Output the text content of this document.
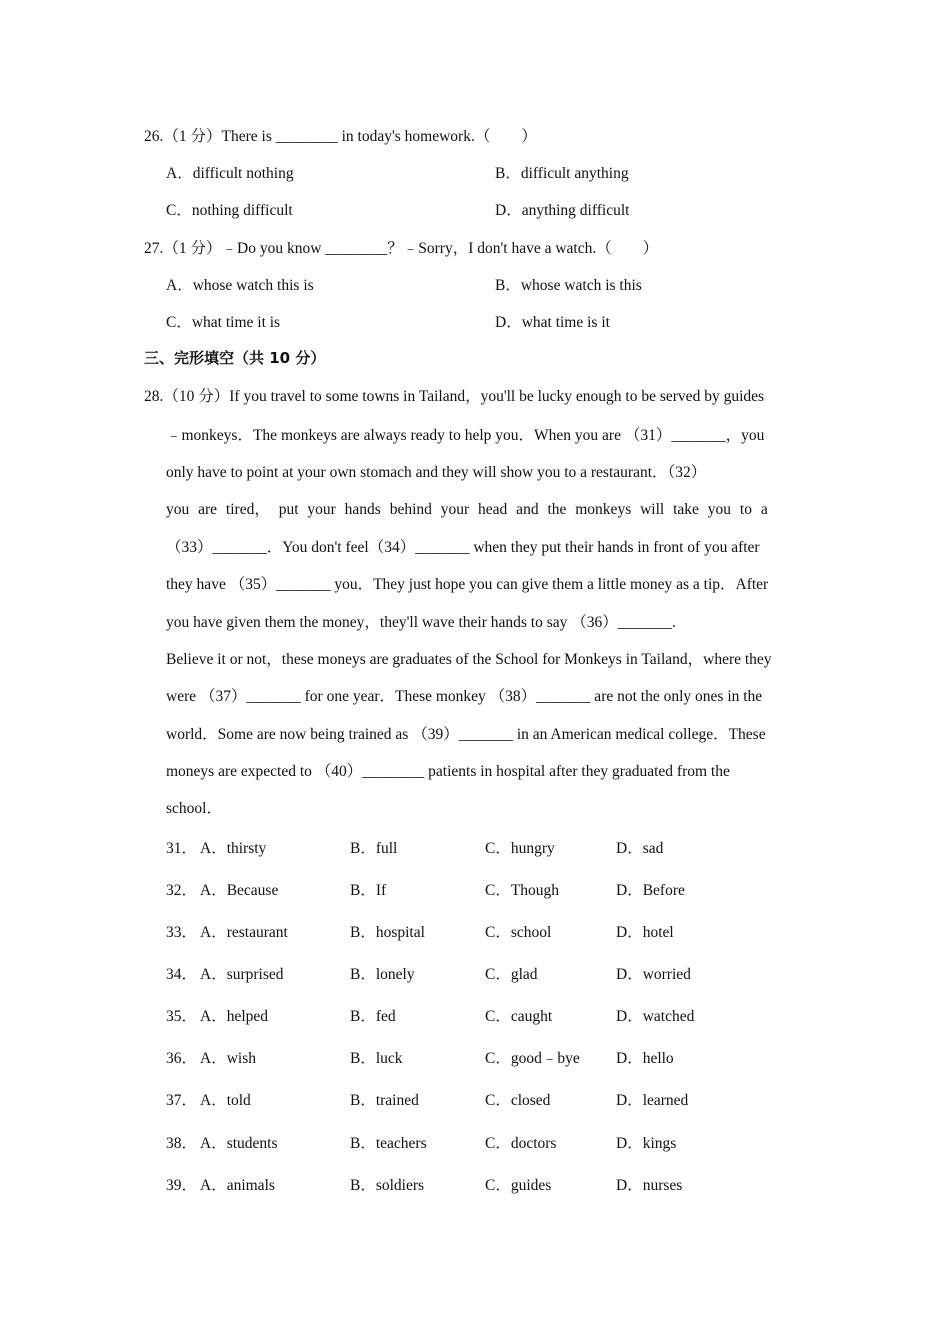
26.（1 分）There is ________ in today's homework.（　　）
A．difficult nothing	B．difficult anything
C．nothing difficult	D．anything difficult
27.（1 分）﹣Do you know ________？﹣Sorry，I don't have a watch.（　　）
A．whose watch this is	B．whose watch is this
C．what time it is	D．what time is it
三、完形填空（共 10 分）
28.（10 分）If you travel to some towns in Tailand，you'll be lucky enough to be served by guides
﹣monkeys．The monkeys are always ready to help you．When you are （31）_______，you
only have to point at your own stomach and they will show you to a restaurant．（32）
you are tired， put your hands behind your head and the monkeys will take you to a
（33）_______．You don't feel（34）_______ when they put their hands in front of you after
they have （35）_______ you．They just hope you can give them a little money as a tip．After
you have given them the money，they'll wave their hands to say （36）_______.
Believe it or not，these moneys are graduates of the School for Monkeys in Tailand，where they
were （37）_______ for one year．These monkey （38）_______ are not the only ones in the
world．Some are now being trained as （39）_______ in an American medical college．These
moneys are expected to （40）________ patients in hospital after they graduated from the
school．
31． A．thirsty	B．full	C．hungry	D．sad
32． A．Because	B．If	C．Though	D．Before
33． A．restaurant	B．hospital	C．school	D．hotel
34． A．surprised	B．lonely	C．glad	D．worried
35． A．helped	B．fed	C．caught	D．watched
36． A．wish	B．luck	C．good﹣bye D．hello
37． A．told	B．trained	C．closed	D．learned
38． A．students	B．teachers	C．doctors	D．kings
39． A．animals	B．soldiers	C．guides	D．nurses
